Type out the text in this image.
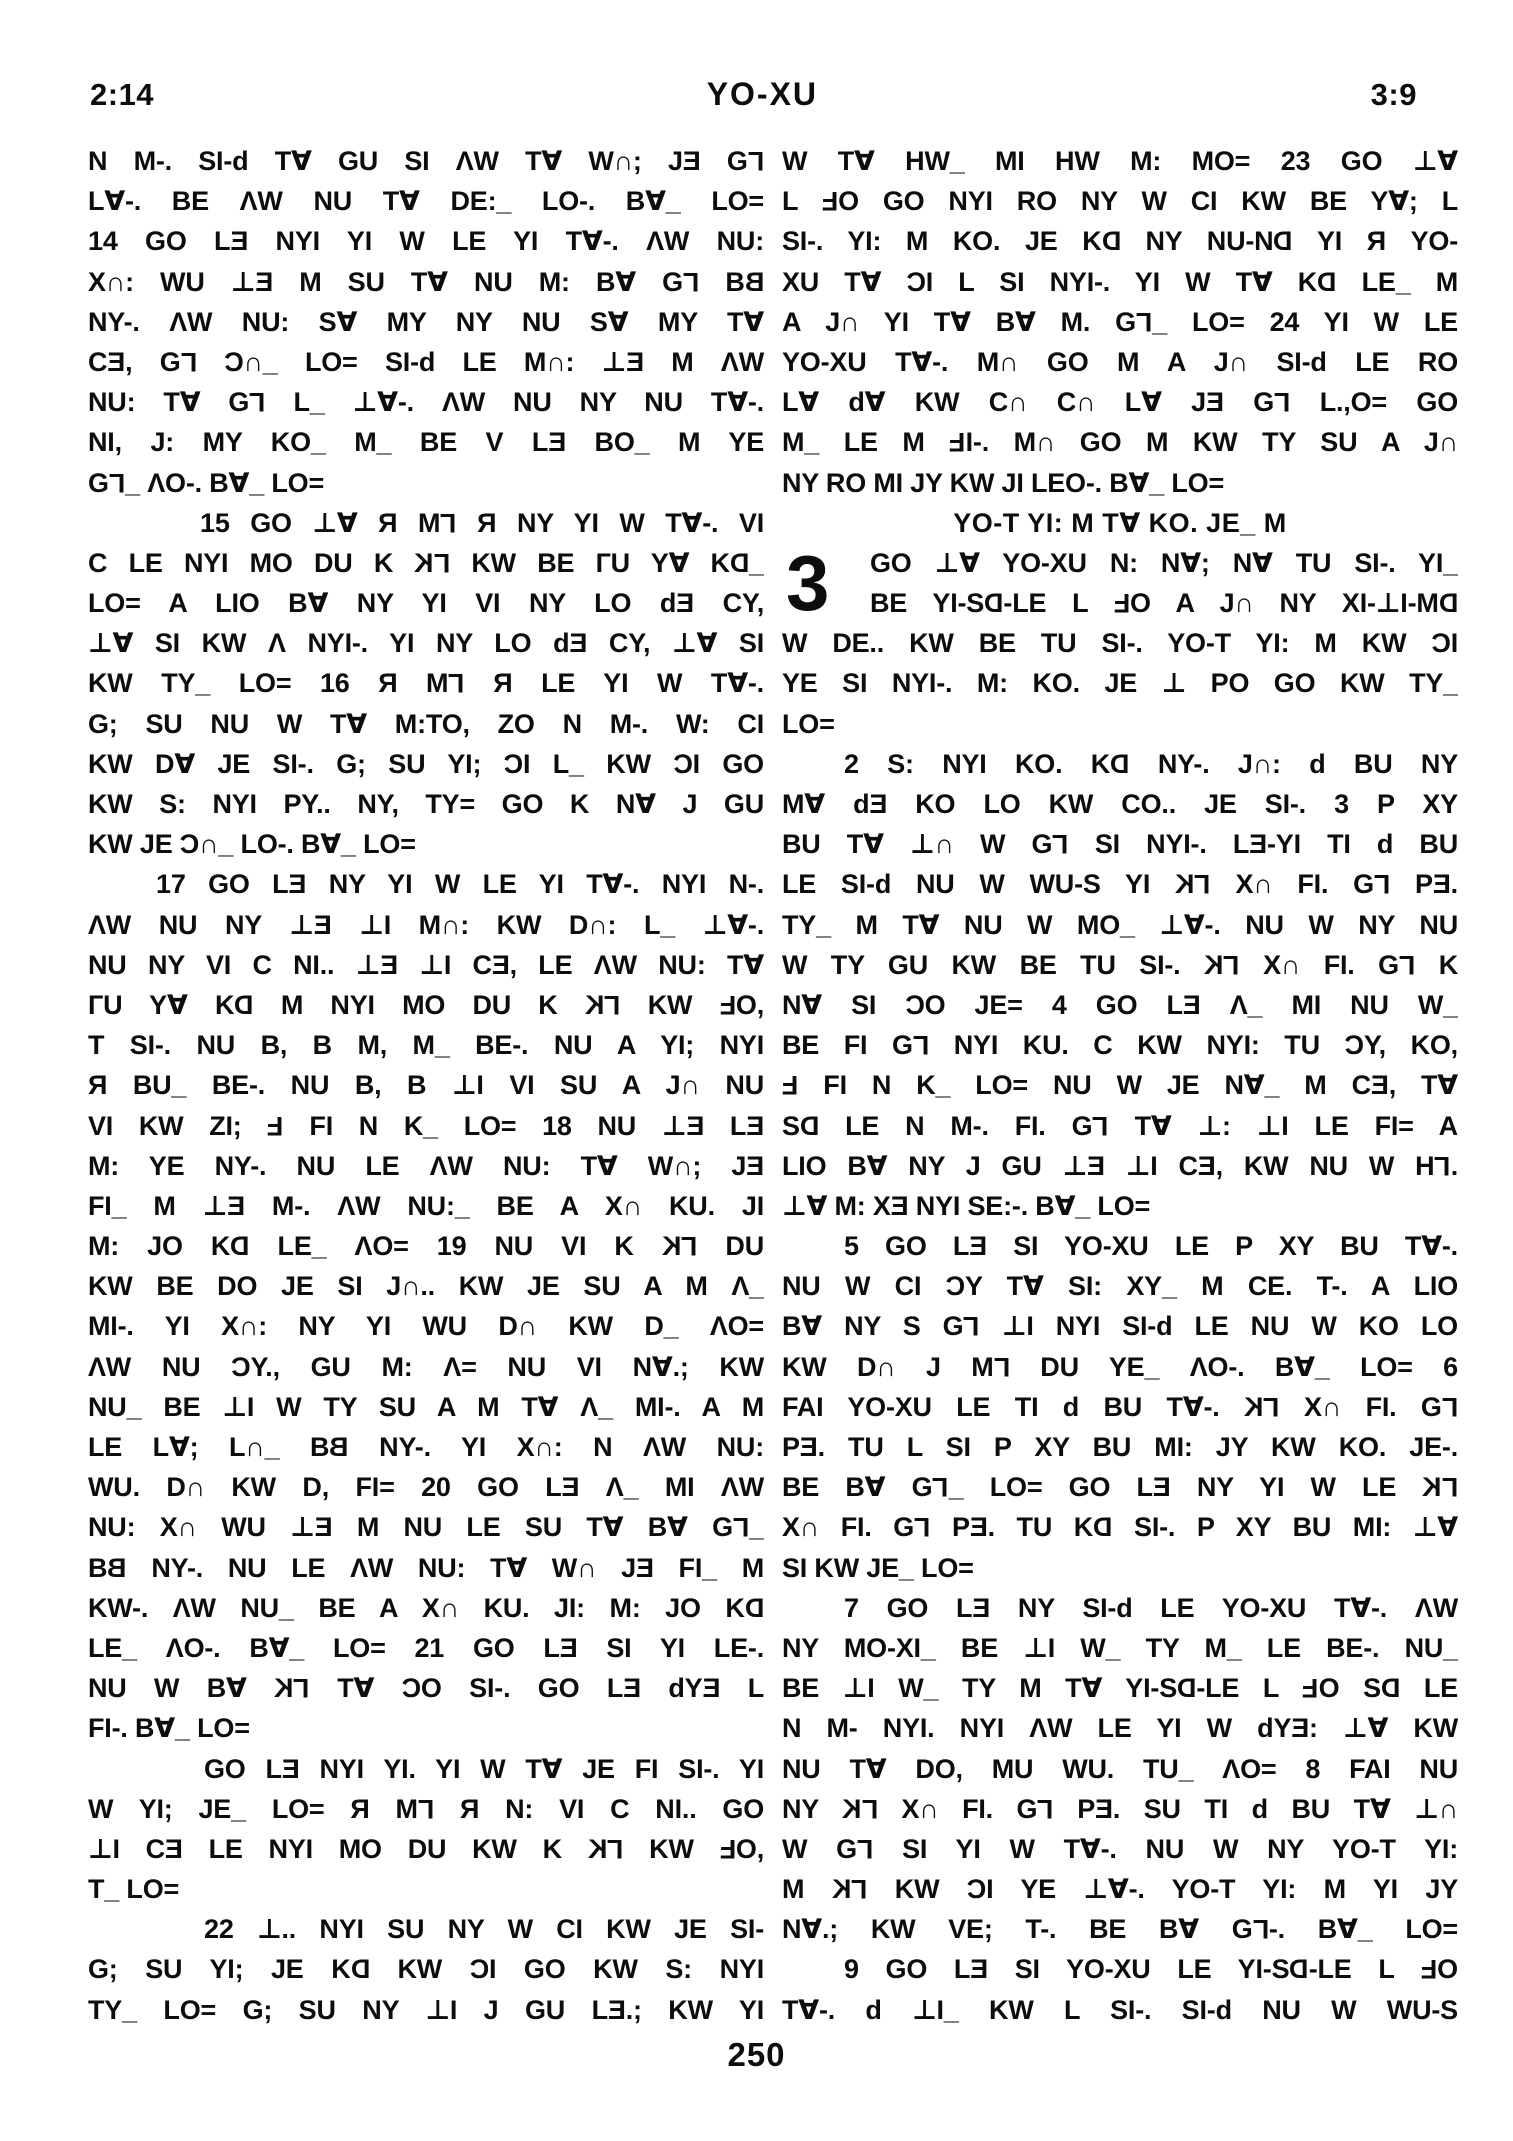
2:14	YO-XU	3:9
N M-. SI-d T∀ GU SI ΛW T∀ W∩; JƎ GL
L∀-. BE ΛW NU T∀ DE:_ LO-. B∀_ LO=
14 GO LƎ NYI YI W LE YI T∀-. ΛW NU:
X∩: WU ⊥Ǝ M SU T∀ NU M: B∀ GL BB
NY-. ΛW NU: S∀ MY NY NU S∀ MY T∀
CƎ, GL Ɔ∩_ LO= SI-d LE M∩: ⊥Ǝ M ΛW
NU: T∀ GL L_ ⊥∀-. ΛW NU NY NU T∀-.
NI, J: MY KO_ M_ BE V LƎ BO_ M YE
GL_ ΛO-. B∀_ LO=
15 GO ⊥∀ Я ML Я NY YI W T∀-. VI
C LE NYI MO DU K KL KW BE ГU Y∀ KD_
LO= A LIO B∀ NY YI VI NY LO dƎ CY,
⊥∀ SI KW Λ NYI-. YI NY LO dƎ CY, ⊥∀ SI
KW TY_ LO= 16 Я ML Я LE YI W T∀-.
G; SU NU W T∀ M:TO, ZO N M-. W: CI
KW D∀ JE SI-. G; SU YI; ƆI L_ KW ƆI GO
KW S: NYI PY.. NY, TY= GO K N∀ J GU
KW JE Ɔ∩_ LO-. B∀_ LO=
17 GO LƎ NY YI W LE YI T∀-. NYI N-.
ΛW NU NY ⊥Ǝ ⊥I M∩: KW D∩: L_ ⊥∀-.
NU NY VI C NI.. ⊥Ǝ ⊥I CƎ, LE ΛW NU: T∀
ГU Y∀ KD M NYI MO DU K KL KW FO,
T SI-. NU B, B M, M_ BE-. NU A YI; NYI
Я BU_ BE-. NU B, B ⊥I VI SU A J∩ NU
VI KW ZI; F FI N K_ LO= 18 NU ⊥Ǝ LƎ
M: YE NY-. NU LE ΛW NU: T∀ W∩; JƎ
FI_ M ⊥Ǝ M-. ΛW NU:_ BE A X∩ KU. JI
M: JO KD LE_ ΛO= 19 NU VI K KL DU
KW BE DO JE SI J∩.. KW JE SU A M Λ_
MI-. YI X∩: NY YI WU D∩ KW D_ ΛO=
ΛW NU ƆY., GU M: Λ= NU VI N∀.; KW
NU_ BE ⊥I W TY SU A M T∀ Λ_ MI-. A M
LE L∀; L∩_ BB NY-. YI X∩: N ΛW NU:
WU. D∩ KW D, FI= 20 GO LƎ Λ_ MI ΛW
NU: X∩ WU ⊥Ǝ M NU LE SU T∀ B∀ GL_
BB NY-. NU LE ΛW NU: T∀ W∩ JƎ FI_ M
KW-. ΛW NU_ BE A X∩ KU. JI: M: JO KD
LE_ ΛO-. B∀_ LO= 21 GO LƎ SI YI LE-.
NU W B∀ KL T∀ ƆO SI-. GO LƎ dYƎ L
FI-. B∀_ LO=
GO LƎ NYI YI. YI W T∀ JE FI SI-. YI
W YI; JE_ LO= Я ML Я N: VI C NI.. GO
⊥I CƎ LE NYI MO DU KW K KL KW FO,
T_ LO=
22 ⊥.. NYI SU NY W CI KW JE SI-
G; SU YI; JE KD KW ƆI GO KW S: NYI
TY_ LO= G; SU NY ⊥I J GU LƎ.; KW YI
W T∀ HW_ MI HW M: MO= 23 GO ⊥∀
L FO GO NYI RO NY W CI KW BE Y∀; L
SI-. YI: M KO. JE KD NY NU-ND YI Я YO-
XU T∀ ƆI L SI NYI-. YI W T∀ KD LE_ M
A J∩ YI T∀ B∀ M. GL_ LO= 24 YI W LE
YO-XU T∀-. M∩ GO M A J∩ SI-d LE RO
L∀ d∀ KW C∩ C∩ L∀ JƎ GL L.,O= GO
M_ LE M FI-. M∩ GO M KW TY SU A J∩
NY RO MI JY KW JI LEO-. B∀_ LO=
YO-T YI: M T∀ KO. JE_ M
3	GO ⊥∀ YO-XU N: N∀; N∀ TU SI-. YI_
BE YI-SD-LE L FO A J∩ NY XI-⊥I-MD
W DE.. KW BE TU SI-. YO-T YI: M KW ƆI
YE SI NYI-. M: KO. JE ⊥ PO GO KW TY_
LO=
2 S: NYI KO. KD NY-. J∩: d BU NY
M∀ dƎ KO LO KW CO.. JE SI-. 3 P XY
BU T∀ ⊥∩ W GL SI NYI-. LƎ-YI TI d BU
LE SI-d NU W WU-S YI KL X∩ FI. GL PƎ.
TY_ M T∀ NU W MO_ ⊥∀-. NU W NY NU
W TY GU KW BE TU SI-. KL X∩ FI. GL K
N∀ SI ƆO JE= 4 GO LƎ Λ_ MI NU W_
BE FI GL NYI KU. C KW NYI: TU ƆY, KO,
F FI N K_ LO= NU W JE N∀_ M CƎ, T∀
SD LE N M-. FI. GL T∀ ⊥: ⊥I LE FI= A
LIO B∀ NY J GU ⊥Ǝ ⊥I CƎ, KW NU W HL.
⊥∀ M: XƎ NYI SE:-. B∀_ LO=
5 GO LƎ SI YO-XU LE P XY BU T∀-.
NU W CI ƆY T∀ SI: XY_ M CE. T-. A LIO
B∀ NY S GL ⊥I NYI SI-d LE NU W KO LO
KW D∩ J ML DU YE_ ΛO-. B∀_ LO= 6
FAI YO-XU LE TI d BU T∀-. KL X∩ FI. GL
PƎ. TU L SI P XY BU MI: JY KW KO. JE-.
BE B∀ GL_ LO= GO LƎ NY YI W LE KL
X∩ FI. GL PƎ. TU KD SI-. P XY BU MI: ⊥∀
SI KW JE_ LO=
7 GO LƎ NY SI-d LE YO-XU T∀-. ΛW
NY MO-XI_ BE ⊥I W_ TY M_ LE BE-. NU_
BE ⊥I W_ TY M T∀ YI-SD-LE L FO SD LE
N M- NYI. NYI ΛW LE YI W dYƎ: ⊥∀ KW
NU T∀ DO, MU WU. TU_ ΛO= 8 FAI NU
NY KL X∩ FI. GL PƎ. SU TI d BU T∀ ⊥∩
W GL SI YI W T∀-. NU W NY YO-T YI:
M KL KW ƆI YE ⊥∀-. YO-T YI: M YI JY
N∀.; KW VE; T-. BE B∀ GL-. B∀_ LO=
9 GO LƎ SI YO-XU LE YI-SD-LE L FO
T∀-. d ⊥I_ KW L SI-. SI-d NU W WU-S
250
